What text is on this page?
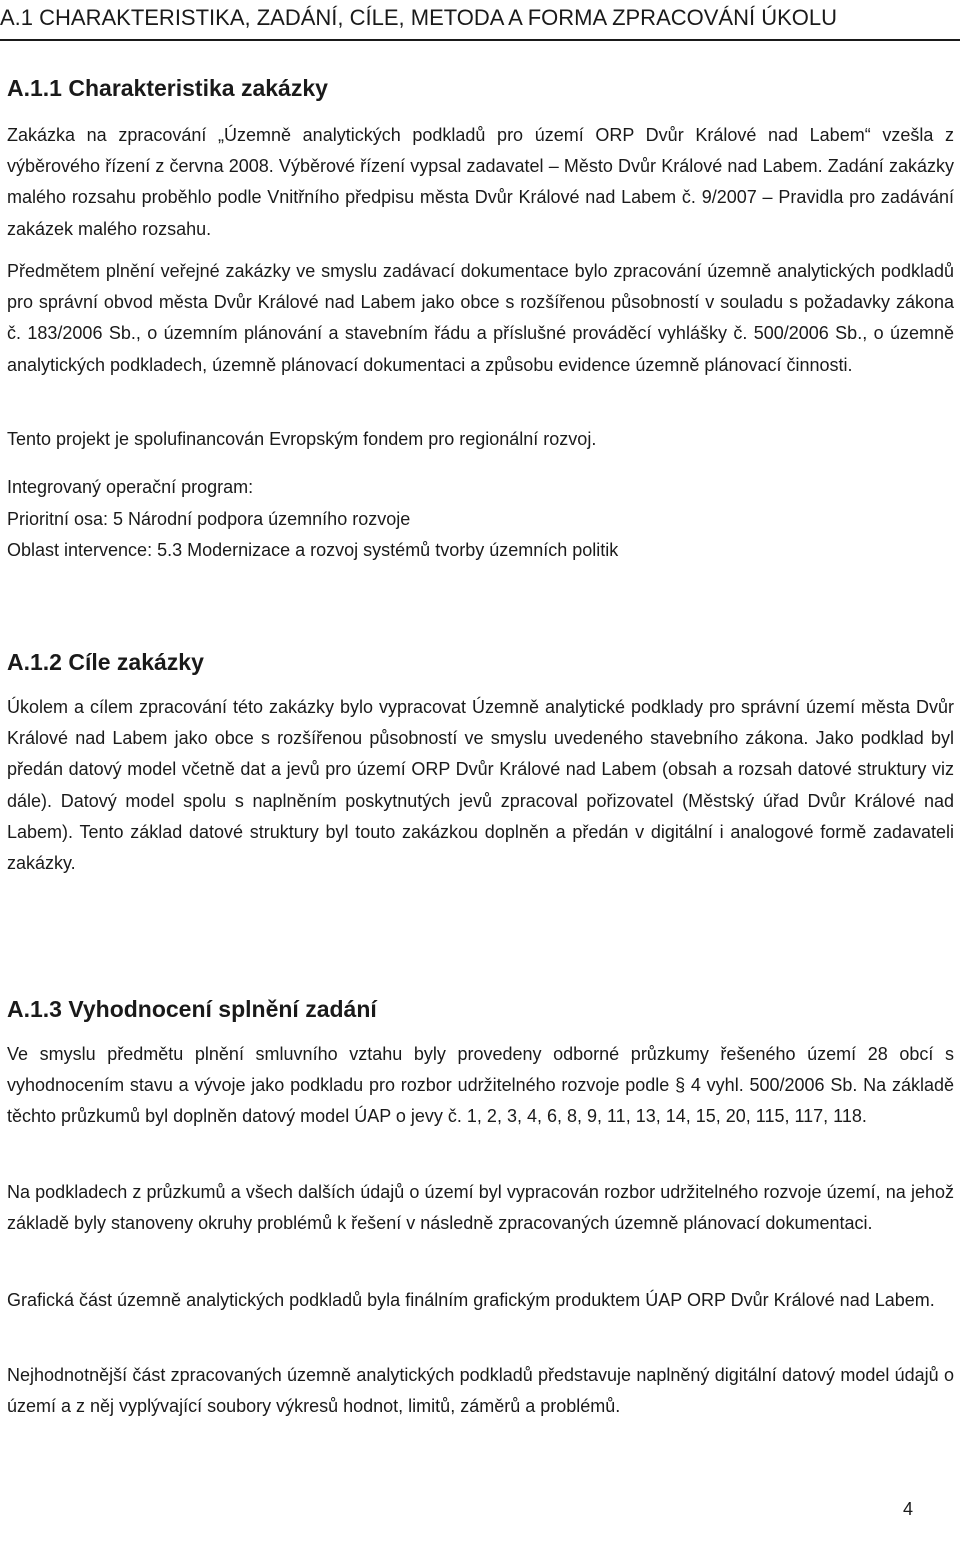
A.1 CHARAKTERISTIKA, ZADÁNÍ, CÍLE, METODA A FORMA ZPRACOVÁNÍ ÚKOLU
A.1.1 Charakteristika zakázky

Zakázka na zpracování „Územně analytických podkladů pro území ORP Dvůr Králové nad Labem“ vzešla z výběrového řízení z června 2008. Výběrové řízení vypsal zadavatel – Město Dvůr Králové nad Labem. Zadání zakázky malého rozsahu proběhlo podle Vnitřního předpisu města Dvůr Králové nad Labem č. 9/2007 – Pravidla pro zadávání zakázek malého rozsahu.

Předmětem plnění veřejné zakázky ve smyslu zadávací dokumentace bylo zpracování územně analytických podkladů pro správní obvod města Dvůr Králové nad Labem jako obce s rozšířenou působností v souladu s požadavky zákona č. 183/2006 Sb., o územním plánování a stavebním řádu a příslušné prováděcí vyhlášky č. 500/2006 Sb., o územně analytických podkladech, územně plánovací dokumentaci a způsobu evidence územně plánovací činnosti.

Tento projekt je spolufinancován Evropským fondem pro regionální rozvoj.

Integrovaný operační program:

Prioritní osa: 5 Národní podpora územního rozvoje

Oblast intervence: 5.3 Modernizace a rozvoj systémů tvorby územních politik

A.1.2 Cíle zakázky

Úkolem a cílem zpracování této zakázky bylo vypracovat Územně analytické podklady pro správní území města Dvůr Králové nad Labem jako obce s rozšířenou působností ve smyslu uvedeného stavebního zákona. Jako podklad byl předán datový model včetně dat a jevů pro území ORP Dvůr Králové nad Labem (obsah a rozsah datové struktury viz dále). Datový model spolu s naplněním poskytnutých jevů zpracoval pořizovatel (Městský úřad Dvůr Králové nad Labem). Tento základ datové struktury byl touto zakázkou doplněn a předán v digitální i analogové formě zadavateli zakázky.

A.1.3 Vyhodnocení splnění zadání

Ve smyslu předmětu plnění smluvního vztahu byly provedeny odborné průzkumy řešeného území 28 obcí s vyhodnocením stavu a vývoje jako podkladu pro rozbor udržitelného rozvoje podle § 4 vyhl. 500/2006 Sb. Na základě těchto průzkumů byl doplněn datový model ÚAP o jevy č. 1, 2, 3, 4, 6, 8, 9, 11, 13, 14, 15, 20, 115, 117, 118.

Na podkladech z průzkumů a všech dalších údajů o území byl vypracován rozbor udržitelného rozvoje území, na jehož základě byly stanoveny okruhy problémů k řešení v následně zpracovaných územně plánovací dokumentaci.

Grafická část územně analytických podkladů byla finálním grafickým produktem ÚAP ORP Dvůr Králové nad Labem.

Nejhodnotnější část zpracovaných územně analytických podkladů představuje naplněný digitální datový model údajů o území a z něj vyplývající soubory výkresů hodnot, limitů, záměrů a problémů.

4
